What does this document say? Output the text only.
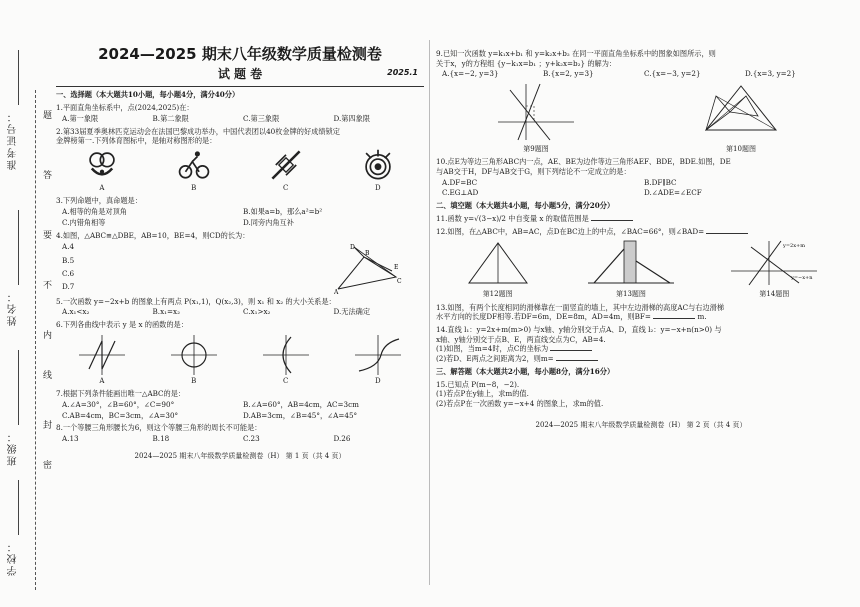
准考证号：
姓名：
班级：
学校：
题
答
要
不
内
线
封
密
2024—2025 期末八年级数学质量检测卷
试 题 卷	2025.1
一、选择题（本大题共10小题，每小题4分，满分40分）
1.平面直角坐标系中，点(2024,2025)在：
A.第一象限	B.第二象限	C.第三象限	D.第四象限
2.第33届夏季奥林匹克运动会在法国巴黎成功举办，中国代表团以40枚金牌的好成绩锁定
金牌榜第一.下列体育图标中，是轴对称图形的是：
A	B	C	D
3.下列命题中，真命题是：
A.相等的角是对顶角	B.如果a=b，那么a²=b²
C.内错角相等	D.同旁内角互补
4.如图，△ABC≌△DBE，AB=10，BE=4，则CD的长为：
A.4
B.5
C.6
D.7
D
E
A
B
C
5.一次函数 y=−2x+b 的图象上有两点 P(x₁,1)，Q(x₂,3)，则 x₁ 和 x₂ 的大小关系是：
A.x₁<x₂	B.x₁=x₂	C.x₁>x₂	D.无法确定
6.下列各曲线中表示 y 是 x 的函数的是：
A	B	C	D
7.根据下列条件能画出唯一△ABC的是：
A.∠A=30°，∠B=60°，∠C=90°	B.∠A=60°，AB=4cm，AC=3cm
C.AB=4cm，BC=3cm，∠A=30°	D.AB=3cm，∠B=45°，∠A=45°
8.一个等腰三角形腰长为6，则这个等腰三角形的周长不可能是：
A.13	B.18	C.23	D.26
2024—2025 期末八年级数学质量检测卷（H） 第 1 页（共 4 页）
9.已知一次函数 y=k₁x+b₁ 和 y=k₂x+b₂ 在同一平面直角坐标系中的图象如图所示，则
关于x，y的方程组 {y−k₁x=b₁ ；y+k₂x=b₂} 的解为：
A.{x=−2, y=3}	B.{x=2, y=3}	C.{x=−3, y=2}	D.{x=3, y=2}
第9题图	第10题图
10.点E为等边三角形ABC内一点，AE、BE为边作等边三角形AEF、BDE，BDE.如图，DE
与AB交于H，DF与AB交于G，则下列结论不一定成立的是：
A.DF=BC	B.DF∥BC
C.EG⊥AD	D.∠ADE=∠ECF
二、填空题（本大题共4小题，每小题5分，满分20分）
11.函数 y=√(3−x)/2 中自变量 x 的取值范围是
12.如图，在△ABC中，AB=AC，点D在BC边上的中点，∠BAC=66°，则∠BAD=
第12题图	第13题图
y=2x+m
y=−x+n
第14题图
13.如图，有两个长度相同的滑梯靠在一面竖直的墙上，其中左边滑梯的高度AC与右边滑梯
水平方向的长度DF相等.若DF=6m，DE=8m，AD=4m，则BF=	m.
14.直线 l₁：y=2x+m(m>0) 与x轴、y轴分别交于点A、D，直线 l₂：y=−x+n(n>0) 与
x轴、y轴分别交于点B、E，两直线交点为C，AB=4.
(1)如图，当m=4时，点C的坐标为
(2)若D、E两点之间距离为2，则m=
三、解答题（本大题共2小题，每小题8分，满分16分）
15.已知点 P(m−8，−2).
(1)若点P在y轴上，求m的值.
(2)若点P在一次函数 y=−x+4 的图象上，求m的值.
2024—2025 期末八年级数学质量检测卷（H） 第 2 页（共 4 页）
